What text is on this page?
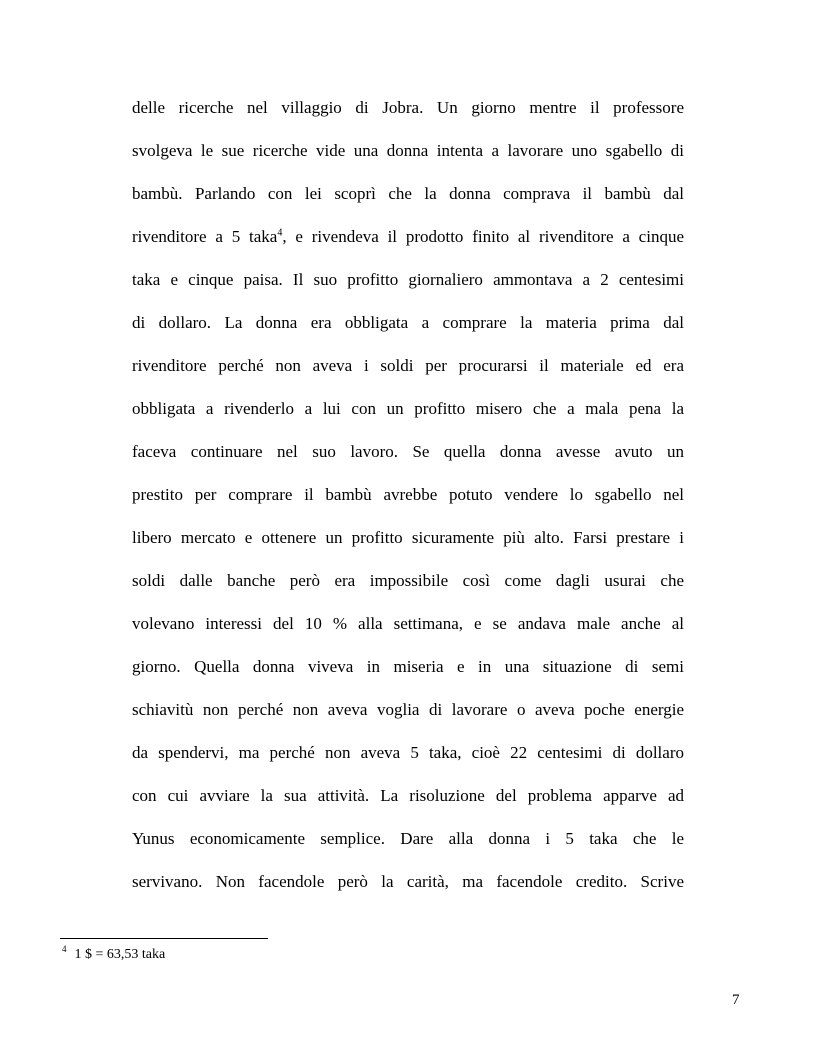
delle ricerche nel villaggio di Jobra. Un giorno mentre il professore
svolgeva le sue ricerche vide una donna intenta a lavorare uno sgabello di
bambù. Parlando con lei scoprì che la donna comprava il bambù dal
rivenditore a 5 taka$^4$, e rivendeva il prodotto finito al rivenditore a cinque
taka e cinque paisa. Il suo profitto giornaliero ammontava a 2 centesimi
di dollaro. La donna era obbligata a comprare la materia prima dal
rivenditore perché non aveva i soldi per procurarsi il materiale ed era
obbligata a rivenderlo a lui con un profitto misero che a mala pena la
faceva continuare nel suo lavoro. Se quella donna avesse avuto un
prestito per comprare il bambù avrebbe potuto vendere lo sgabello nel
libero mercato e ottenere un profitto sicuramente più alto. Farsi prestare i
soldi dalle banche però era impossibile così come dagli usurai che
volevano interessi del 10 % alla settimana, e se andava male anche al
giorno. Quella donna viveva in miseria e in una situazione di semi
schiavitù non perché non aveva voglia di lavorare o aveva poche energie
da spendervi, ma perché non aveva 5 taka, cioè 22 centesimi di dollaro
con cui avviare la sua attività. La risoluzione del problema apparve ad
Yunus economicamente semplice. Dare alla donna i 5 taka che le
servivano. Non facendole però la carità, ma facendole credito. Scrive
$^4$ 1 $ = 63,53 taka
7
